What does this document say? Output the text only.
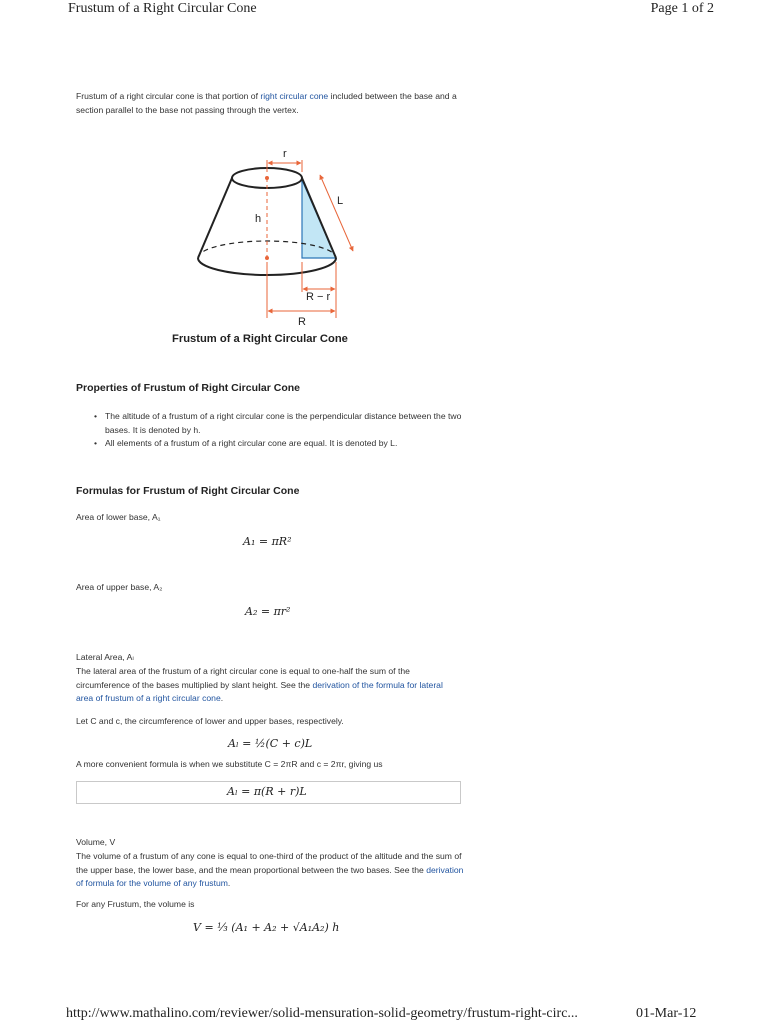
Frustum of a Right Circular Cone	Page 1 of 2
Frustum of a right circular cone is that portion of right circular cone included between the base and a section parallel to the base not passing through the vertex.
r
L
h
R − r
R
Frustum of a Right Circular Cone
Properties of Frustum of Right Circular Cone
• The altitude of a frustum of a right circular cone is the perpendicular distance between the two bases. It is denoted by h.
• All elements of a frustum of a right circular cone are equal. It is denoted by L.
Formulas for Frustum of Right Circular Cone
Area of lower base, A₁
A₁ = πR²
Area of upper base, A₂
A₂ = πr²
Lateral Area, Aₗ
The lateral area of the frustum of a right circular cone is equal to one-half the sum of the circumference of the bases multiplied by slant height. See the derivation of the formula for lateral area of frustum of a right circular cone.
Let C and c, the circumference of lower and upper bases, respectively.
Aₗ = ½(C + c)L
A more convenient formula is when we substitute C = 2πR and c = 2πr, giving us
Aₗ = π(R + r)L
Volume, V
The volume of a frustum of any cone is equal to one-third of the product of the altitude and the sum of the upper base, the lower base, and the mean proportional between the two bases. See the derivation of formula for the volume of any frustum.
For any Frustum, the volume is
V = ⅓ (A₁ + A₂ + √A₁A₂) h
http://www.mathalino.com/reviewer/solid-mensuration-solid-geometry/frustum-right-circ...	01-Mar-12
